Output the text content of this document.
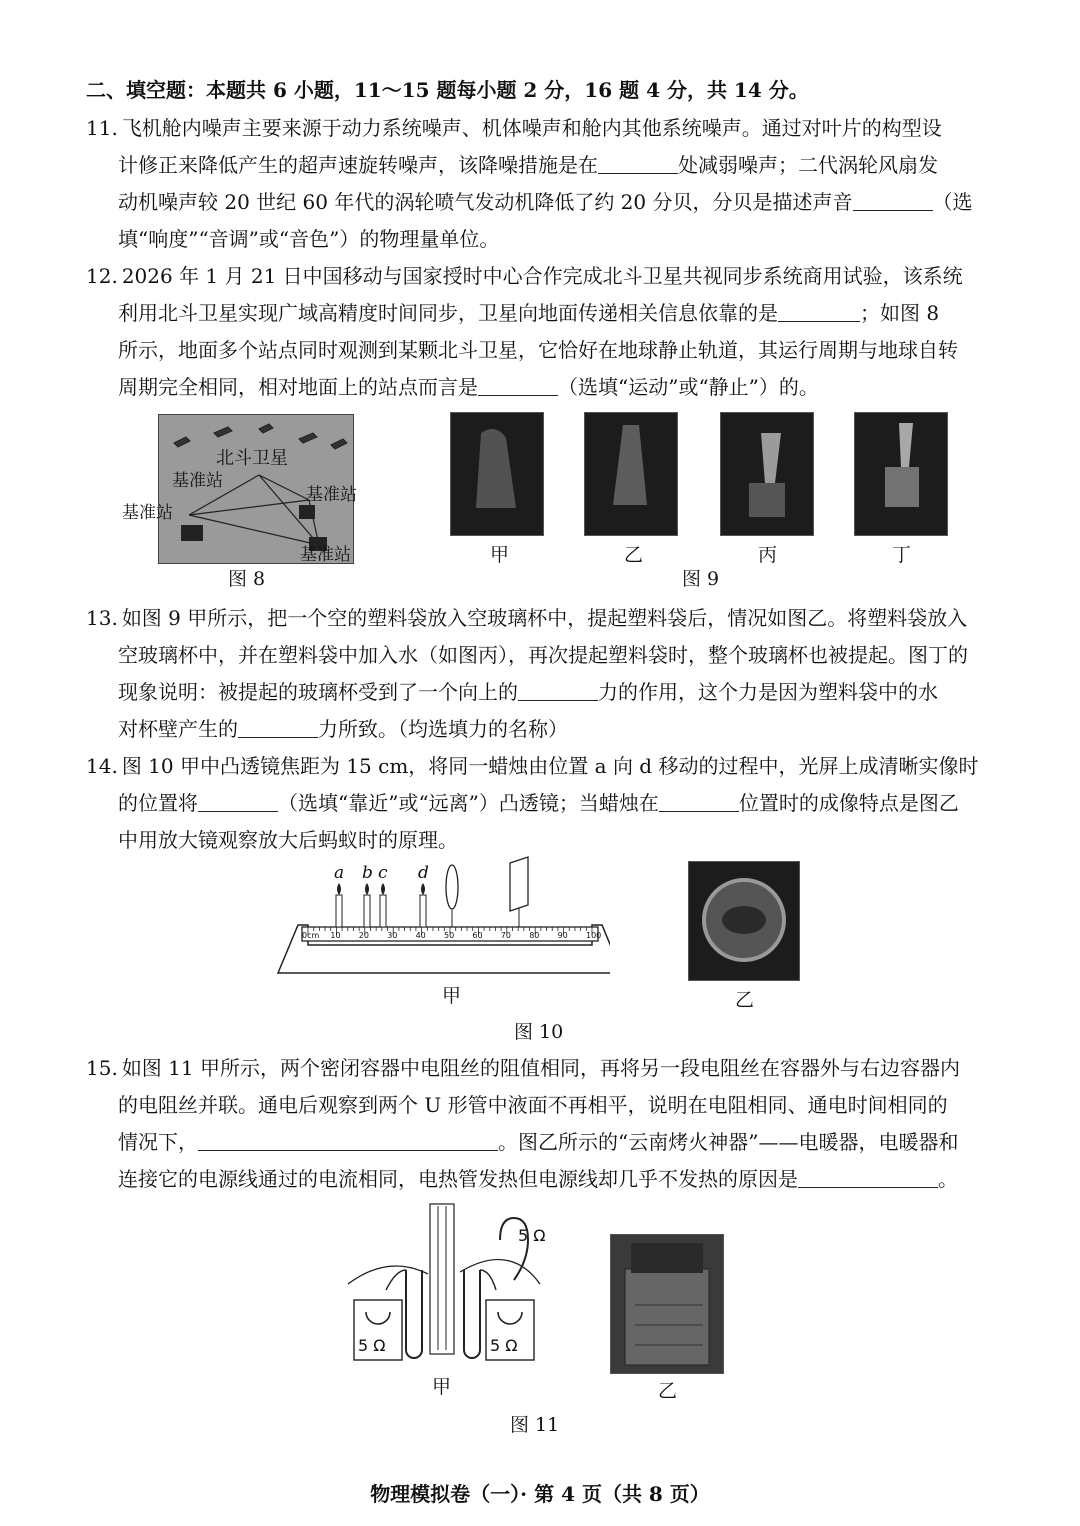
二、填空题：本题共 6 小题，11～15 题每小题 2 分，16 题 4 分，共 14 分。
11. 飞机舱内噪声主要来源于动力系统噪声、机体噪声和舱内其他系统噪声。通过对叶片的构型设
计修正来降低产生的超声速旋转噪声，该降噪措施是在	处减弱噪声；二代涡轮风扇发
动机噪声较 20 世纪 60 年代的涡轮喷气发动机降低了约 20 分贝，分贝是描述声音	（选
填“响度”“音调”或“音色”）的物理量单位。
12. 2026 年 1 月 21 日中国移动与国家授时中心合作完成北斗卫星共视同步系统商用试验，该系统
利用北斗卫星实现广域高精度时间同步，卫星向地面传递相关信息依靠的是	；如图 8
所示，地面多个站点同时观测到某颗北斗卫星，它恰好在地球静止轨道，其运行周期与地球自转
周期完全相同，相对地面上的站点而言是	（选填“运动”或“静止”）的。
北斗卫星
基准站
基准站
基准站
基准站
图 8
甲	乙	丙	丁
图 9
13. 如图 9 甲所示，把一个空的塑料袋放入空玻璃杯中，提起塑料袋后，情况如图乙。将塑料袋放入
空玻璃杯中，并在塑料袋中加入水（如图丙），再次提起塑料袋时，整个玻璃杯也被提起。图丁的
现象说明：被提起的玻璃杯受到了一个向上的	力的作用，这个力是因为塑料袋中的水
对杯壁产生的	力所致。（均选填力的名称）
14. 图 10 甲中凸透镜焦距为 15 cm，将同一蜡烛由位置 a 向 d 移动的过程中，光屏上成清晰实像时
的位置将	（选填“靠近”或“远离”）凸透镜；当蜡烛在	位置时的成像特点是图乙
中用放大镜观察放大后蚂蚁时的原理。
a b c d
0cm 10 20 30 40 50 60 70 80 90 100
甲	乙
图 10
15. 如图 11 甲所示，两个密闭容器中电阻丝的阻值相同，再将另一段电阻丝在容器外与右边容器内
的电阻丝并联。通电后观察到两个 U 形管中液面不再相平，说明在电阻相同、通电时间相同的
情况下，	。图乙所示的“云南烤火神器”——电暖器，电暖器和
连接它的电源线通过的电流相同，电热管发热但电源线却几乎不发热的原因是	。
5 Ω
5 Ω	5 Ω
甲	乙
图 11
物理模拟卷（一）· 第 4 页（共 8 页）
